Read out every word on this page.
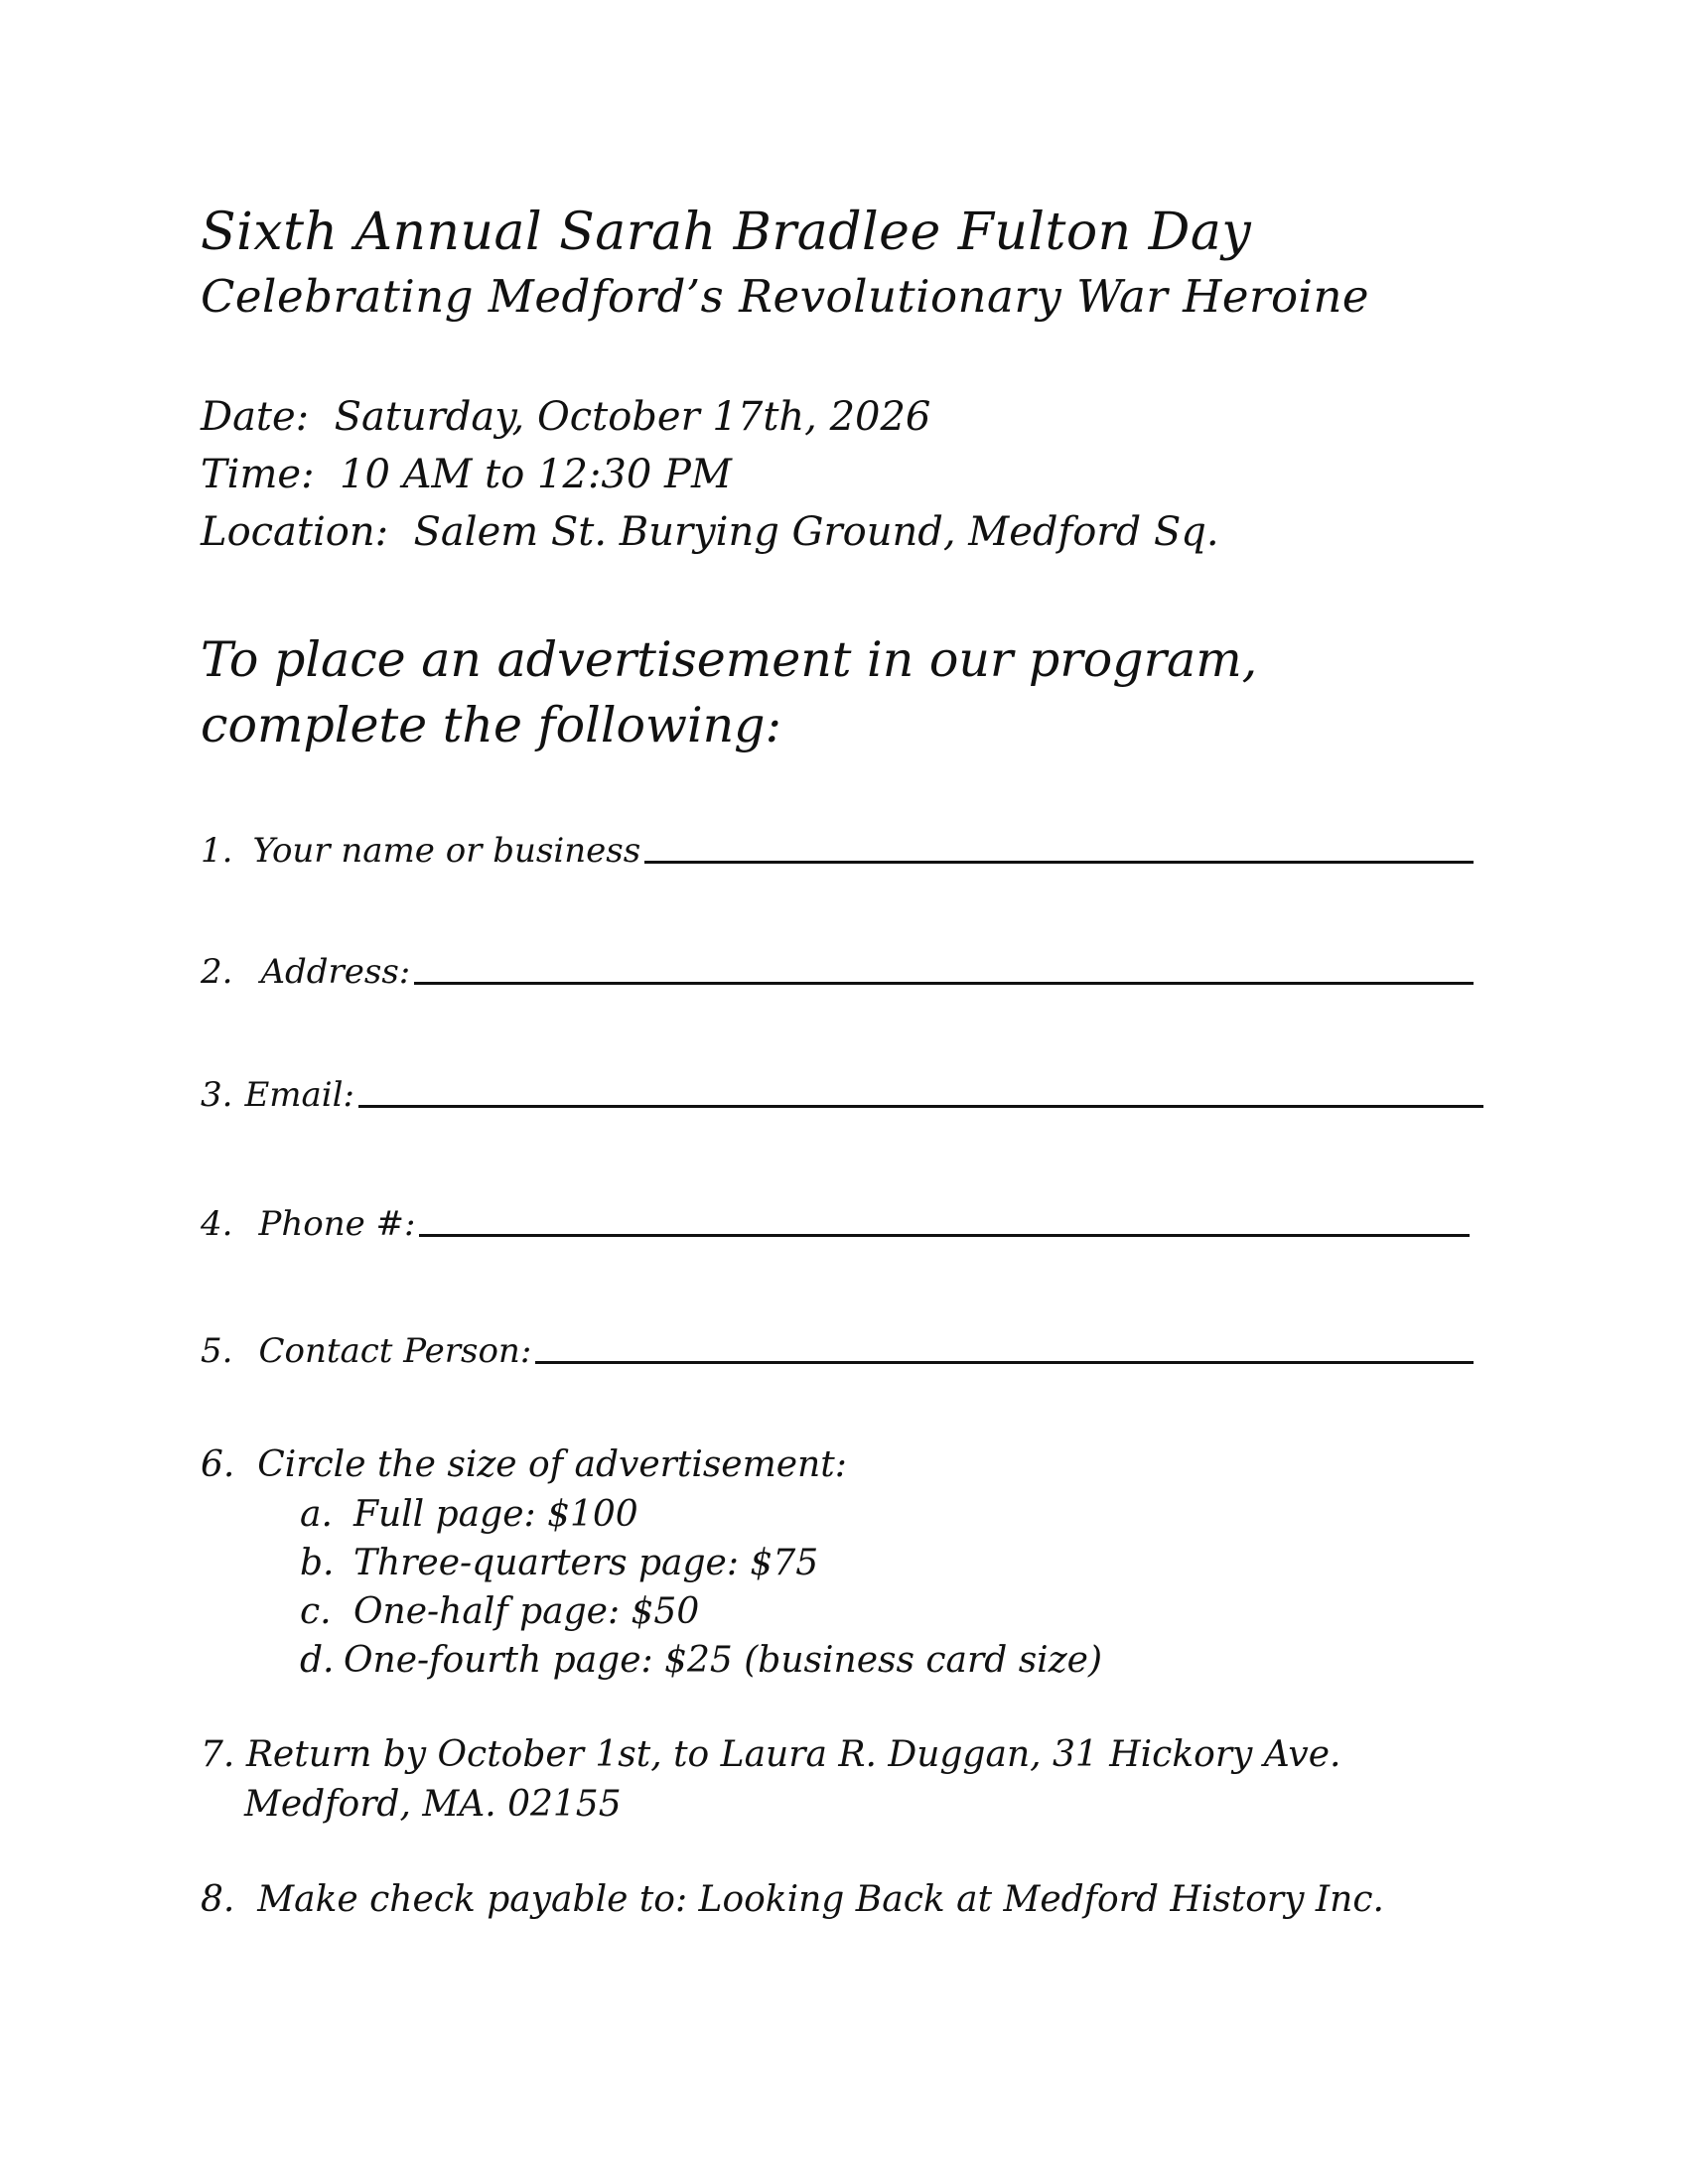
Sixth Annual Sarah Bradlee Fulton Day
Celebrating Medford’s Revolutionary War Heroine
Date: Saturday, October 17th, 2026
Time: 10 AM to 12:30 PM
Location: Salem St. Burying Ground, Medford Sq.
To place an advertisement in our program,
complete the following:
1. Your name or business
2. Address:
3. Email:
4. Phone #:
5. Contact Person:
6. Circle the size of advertisement:
a. Full page: $100
b. Three-quarters page: $75
c. One-half page: $50
d. One-fourth page: $25 (business card size)
7. Return by October 1st, to Laura R. Duggan, 31 Hickory Ave.
Medford, MA. 02155
8. Make check payable to: Looking Back at Medford History Inc.
